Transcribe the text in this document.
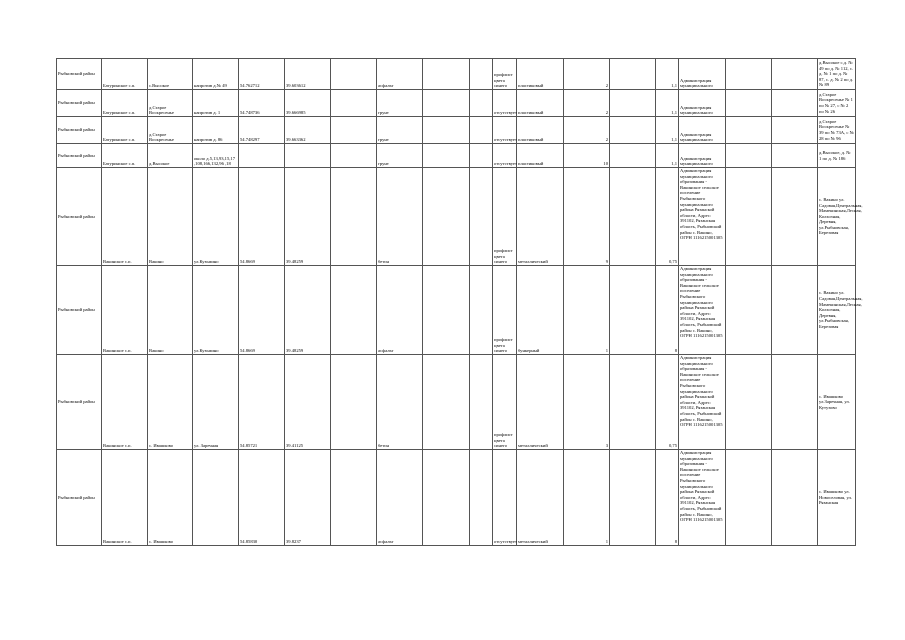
Рыбновский район	Батуринское с.п.	с.Высокое	напротив д.№ 49	54.762712	39.603612		асфальт			профлист цвета синего	пластиковый	2		1,1	Администрация муниципального			д.Высокое с.д. № 49 по д. № 112, с. д. № 1 по д. № 87, с. д. № 2 по д. № 89
Рыбновский район	Батуринское с.п.	д.Старое Воскресенье	напротив д. 1	54.748736	39.666985		грунт			отсутствует	пластиковый	2		1,1	Администрация муниципального			д.Старое Воскресенье № 1 по № 27, с № 2 по № 26
Рыбновский район	Батуринское с.п.	д.Старое Воскресенье	напротив д. 86	54.748297	39.663362		грунт			отсутствует	пластиковый	2		1,1	Администрация муниципального			д.Старое Воскресенье № 39 по № 73А, с № 28 по № 96
Рыбновский район	Батуринское с.п.	д.Высокое	около д.5,13,93,15,17 ,108,166,132,96 ,18				грунт			отсутствует	пластиковый	10		1,1	Администрация муниципального			д.Высокое, д. № 1 по д. № 186
Рыбновский район	Вакинское с.п.	Вакино	ул.Кузьмино	54.8669	39.48259		бетон			профлист цвета синего	металлический	9		0,75	Администрация муниципального образования - Вакинское сельское поселение Рыбновского муниципального района Рязанской области, Адрес: 391102, Рязанская область, Рыбновский район с. Вакино, ОГРН 1116215001305			с. Вакино ул. Садовая,Центральная, Мамекинская,Лесная, Колхозная, Деревня, ул.Рыбновская, Березовая
Рыбновский район	Вакинское с.п.	Вакино	ул.Кузьмино	54.8669	39.48259		асфальт			профлист цвета синего	бункерный	1		8	Администрация муниципального образования - Вакинское сельское поселение Рыбновского муниципального района Рязанской области, Адрес: 391102, Рязанская область, Рыбновский район с. Вакино, ОГРН 1116215001305			с. Вакино ул. Садовая,Центральная, Мамекинская,Лесная, Колхозная, Деревня, ул.Рыбновская, Березовая
Рыбновский район	Вакинское с.п.	с. Ивашково	ул. Заречная	54.85721	39.41125		бетон			профлист цвета синего	металлический	3		0,75	Администрация муниципального образования - Вакинское сельское поселение Рыбновского муниципального района Рязанской области, Адрес: 391102, Рязанская область, Рыбновский район с. Вакино, ОГРН 1116215001305			с. Ивашково ул.Заречная, ул. Кутузово
Рыбновский район	Вакинское с.п.	с. Ивашково		54.85830	39.8237		асфальт			отсутствует	металлический	1		8	Администрация муниципального образования - Вакинское сельское поселение Рыбновского муниципального района Рязанской области, Адрес: 391102, Рязанская область, Рыбновский район с. Вакино, ОГРН 1116215001305			с. Ивашково ул. Новоселовая, ул. Рязанская
